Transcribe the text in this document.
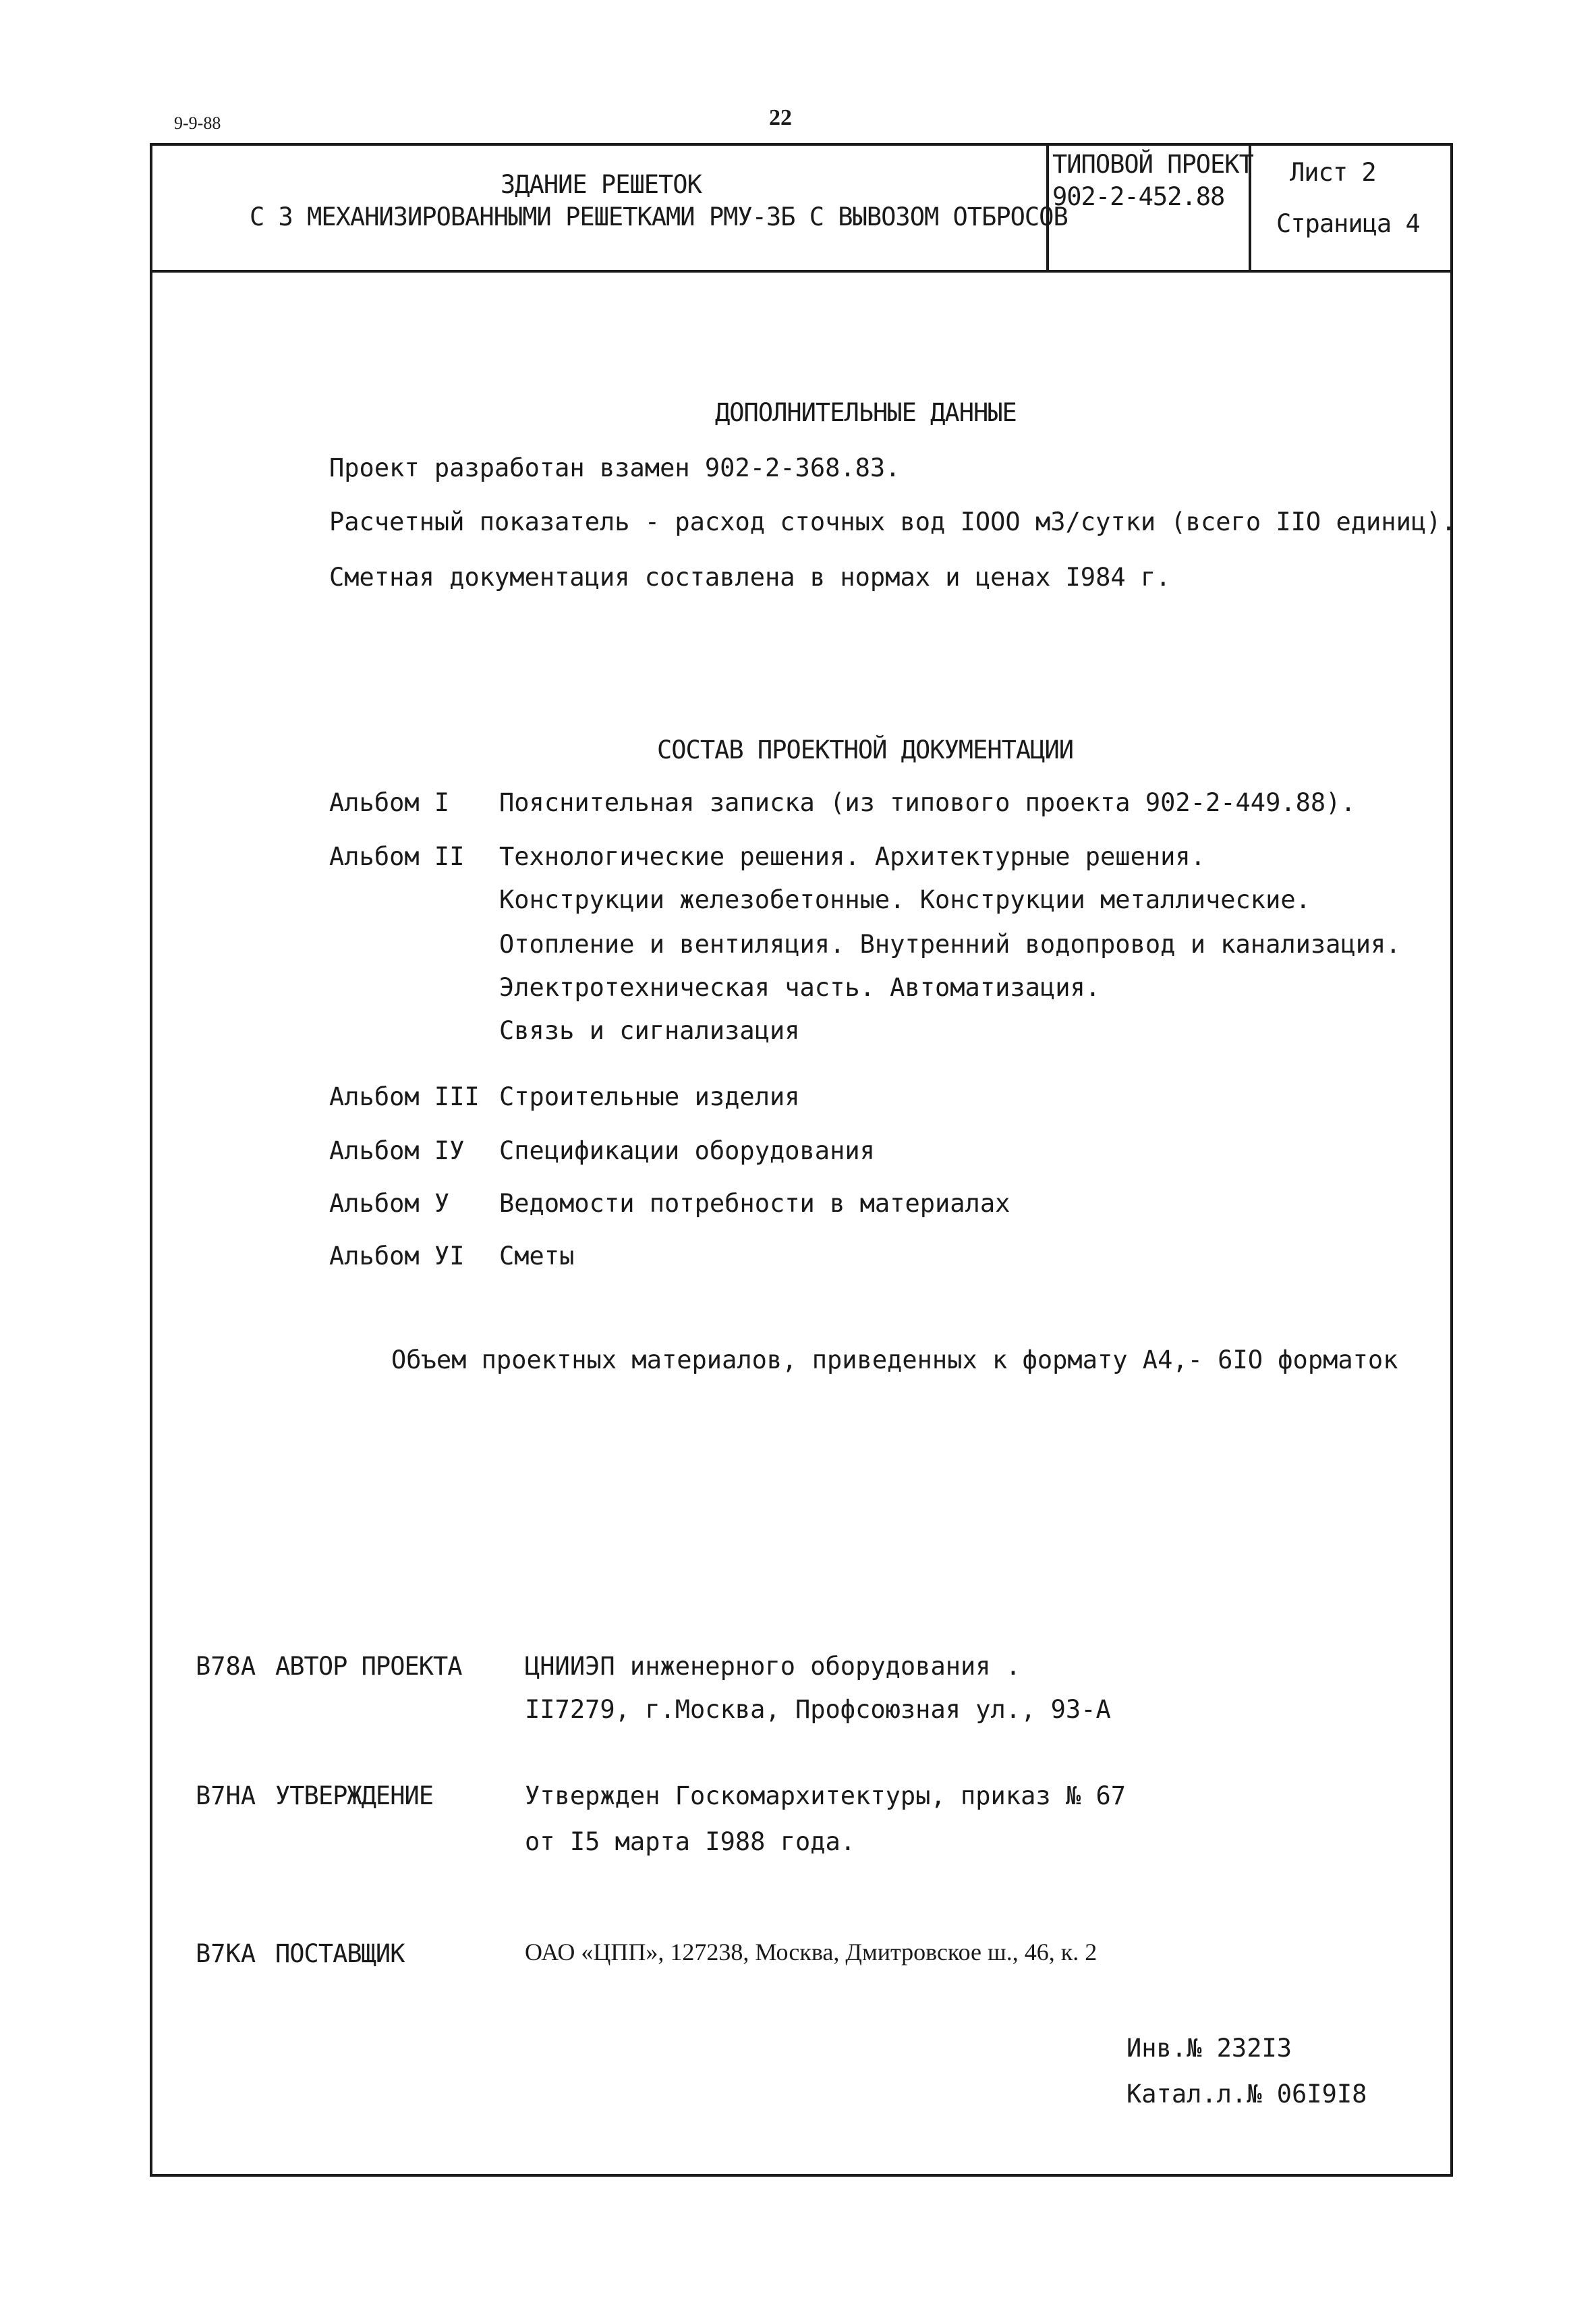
9-9-88	22
ЗДАНИЕ РЕШЕТОК
С 3 МЕХАНИЗИРОВАННЫМИ РЕШЕТКАМИ РМУ-3Б С ВЫВОЗОМ ОТБРОСОВ
ТИПОВОЙ ПРОЕКТ
902-2-452.88
Лист 2
Страница 4
ДОПОЛНИТЕЛЬНЫЕ ДАННЫЕ
Проект разработан взамен 902-2-368.83.
Расчетный показатель - расход сточных вод IOOO м3/сутки (всего IIO единиц).
Сметная документация составлена в нормах и ценах I984 г.
СОСТАВ ПРОЕКТНОЙ ДОКУМЕНТАЦИИ
Альбом I Пояснительная записка (из типового проекта 902-2-449.88).
Альбом II Технологические решения. Архитектурные решения.
Конструкции железобетонные. Конструкции металлические.
Отопление и вентиляция. Внутренний водопровод и канализация.
Электротехническая часть. Автоматизация.
Связь и сигнализация
Альбом III Строительные изделия
Альбом IУ Спецификации оборудования
Альбом У Ведомости потребности в материалах
Альбом УI Сметы
Объем проектных материалов, приведенных к формату А4,- 6IO форматок
В78А АВТОР ПРОЕКТА	ЦНИИЭП инженерного оборудования .
II7279, г.Москва, Профсоюзная ул., 93-А
В7НА УТВЕРЖДЕНИЕ	Утвержден Госкомархитектуры, приказ № 67
от I5 марта I988 года.
В7КА ПОСТАВЩИК	ОАО «ЦПП», 127238, Москва, Дмитровское ш., 46, к. 2
Инв.№ 232I3
Катал.л.№ 06I9I8
